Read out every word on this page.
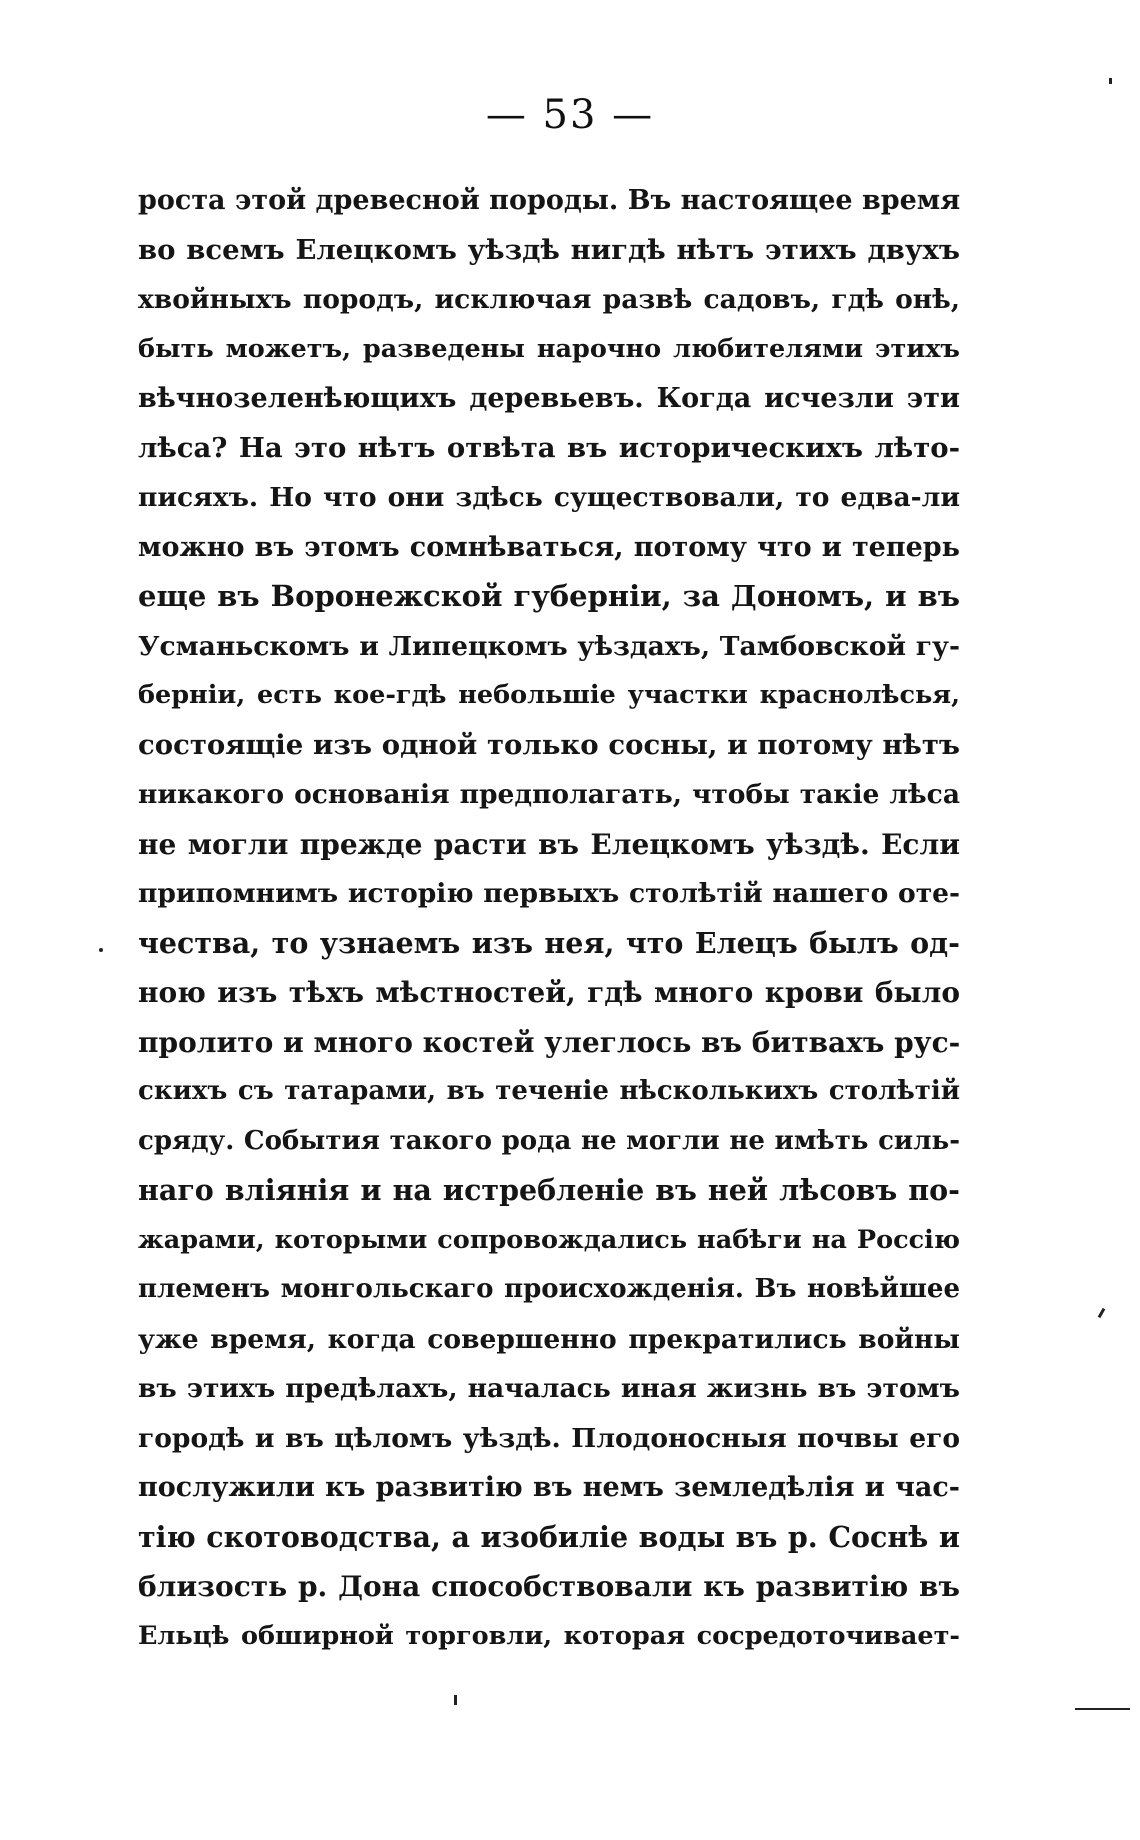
— 53 —
роста этой древесной породы. Въ настоящее время
во всемъ Елецкомъ уѣздѣ нигдѣ нѣтъ этихъ двухъ
хвойныхъ породъ, исключая развѣ садовъ, гдѣ онѣ,
быть можетъ, разведены нарочно любителями этихъ
вѣчнозеленѣющихъ деревьевъ. Когда исчезли эти
лѣса? На это нѣтъ отвѣта въ историческихъ лѣто-
писяхъ. Но что они здѣсь существовали, то едва-ли
можно въ этомъ сомнѣваться, потому что и теперь
еще въ Воронежской губерніи, за Дономъ, и въ
Усманьскомъ и Липецкомъ уѣздахъ, Тамбовской гу-
берніи, есть кое-гдѣ небольшіе участки краснолѣсья,
состоящіе изъ одной только сосны, и потому нѣтъ
никакого основанія предполагать, чтобы такіе лѣса
не могли прежде расти въ Елецкомъ уѣздѣ. Если
припомнимъ исторію первыхъ столѣтій нашего оте-
чества, то узнаемъ изъ нея, что Елецъ былъ од-
ною изъ тѣхъ мѣстностей, гдѣ много крови было
пролито и много костей улеглось въ битвахъ рус-
скихъ съ татарами, въ теченіе нѣсколькихъ столѣтій
сряду. События такого рода не могли не имѣть силь-
наго вліянія и на истребленіе въ ней лѣсовъ по-
жарами, которыми сопровождались набѣги на Россію
племенъ монгольскаго происхожденія. Въ новѣйшее
уже время, когда совершенно прекратились войны
въ этихъ предѣлахъ, началась иная жизнь въ этомъ
городѣ и въ цѣломъ уѣздѣ. Плодоносныя почвы его
послужили къ развитію въ немъ земледѣлія и час-
тію скотоводства, а изобиліе воды въ р. Соснѣ и
близость р. Дона способствовали къ развитію въ
Ельцѣ обширной торговли, которая сосредоточивает-
